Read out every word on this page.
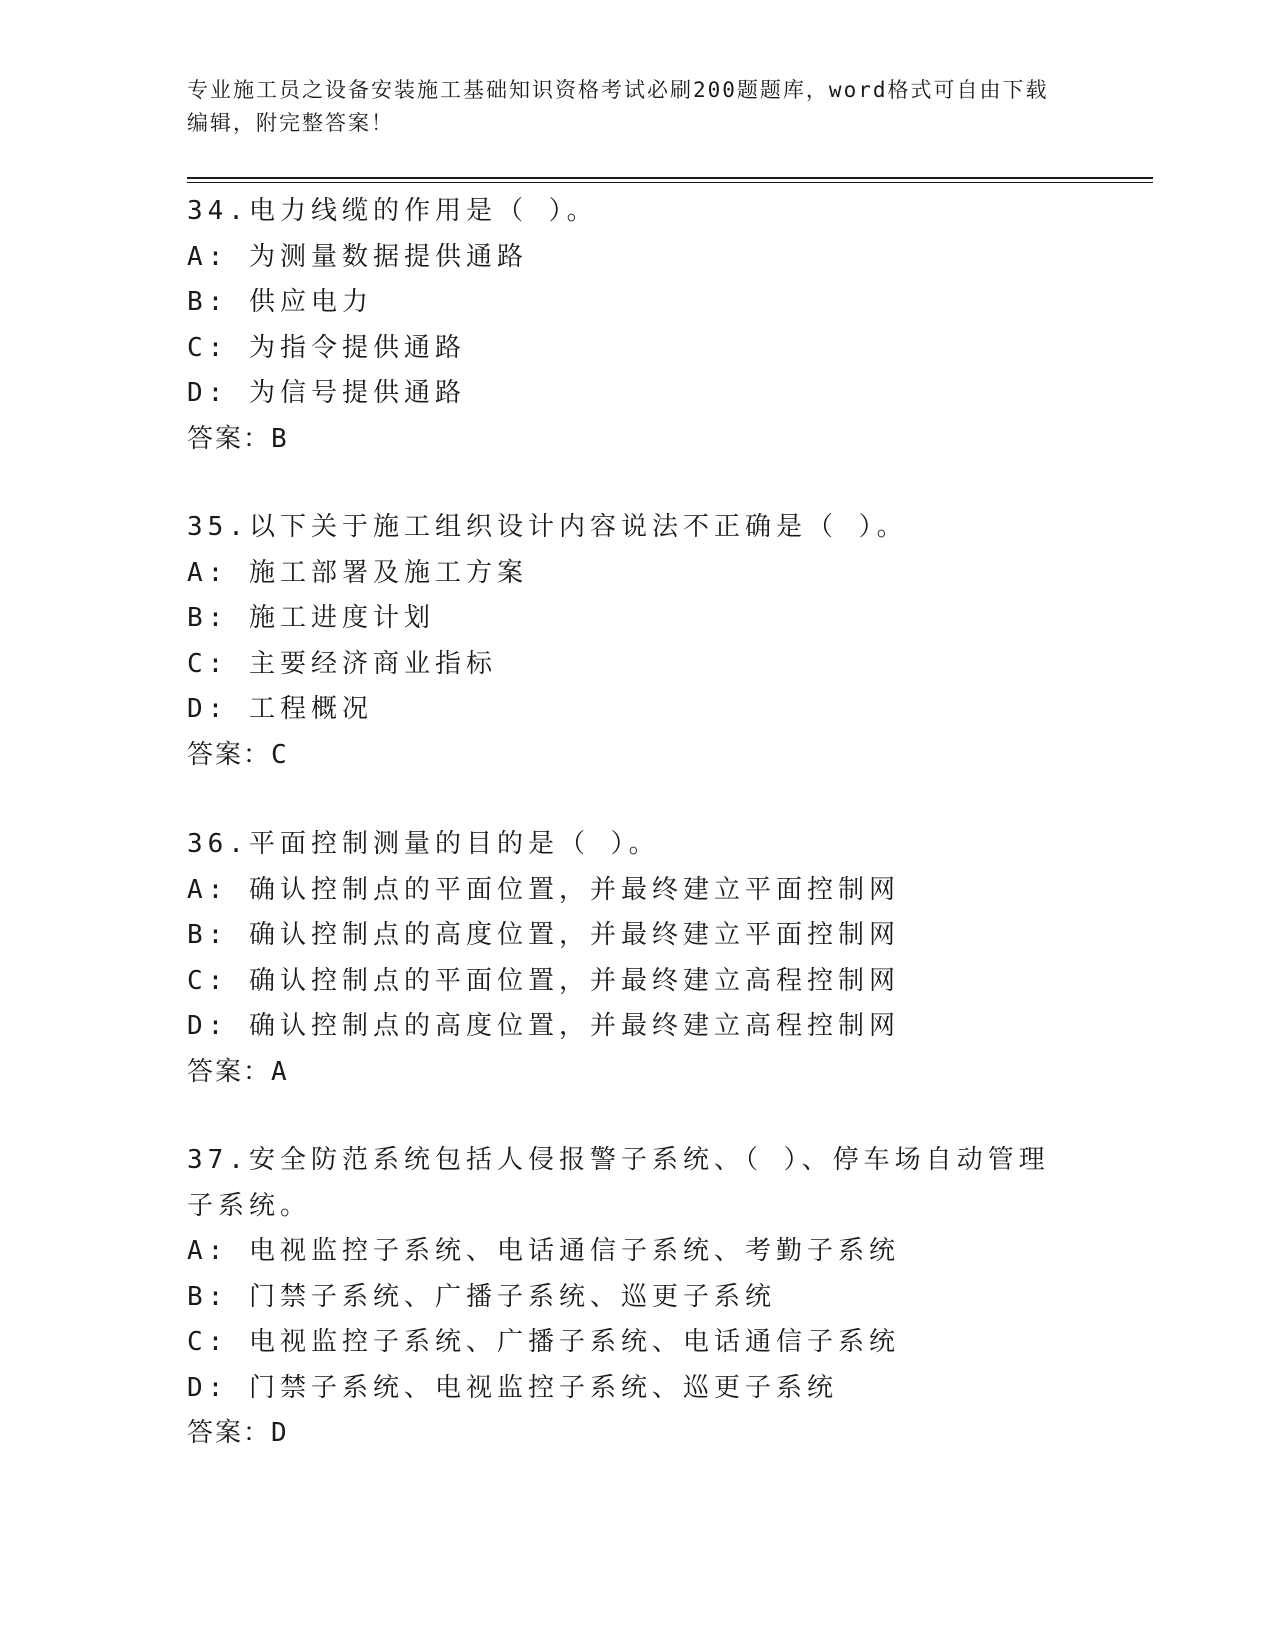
专业施工员之设备安装施工基础知识资格考试必刷200题题库，word格式可自由下载编辑，附完整答案！
34.电力线缆的作用是（ ）。
A: 为测量数据提供通路
B: 供应电力
C: 为指令提供通路
D: 为信号提供通路
答案：B
35.以下关于施工组织设计内容说法不正确是（ ）。
A: 施工部署及施工方案
B: 施工进度计划
C: 主要经济商业指标
D: 工程概况
答案：C
36.平面控制测量的目的是（ ）。
A: 确认控制点的平面位置，并最终建立平面控制网
B: 确认控制点的高度位置，并最终建立平面控制网
C: 确认控制点的平面位置，并最终建立高程控制网
D: 确认控制点的高度位置，并最终建立高程控制网
答案：A
37.安全防范系统包括人侵报警子系统、（ ）、停车场自动管理子系统。
A: 电视监控子系统、电话通信子系统、考勤子系统
B: 门禁子系统、广播子系统、巡更子系统
C: 电视监控子系统、广播子系统、电话通信子系统
D: 门禁子系统、电视监控子系统、巡更子系统
答案：D
